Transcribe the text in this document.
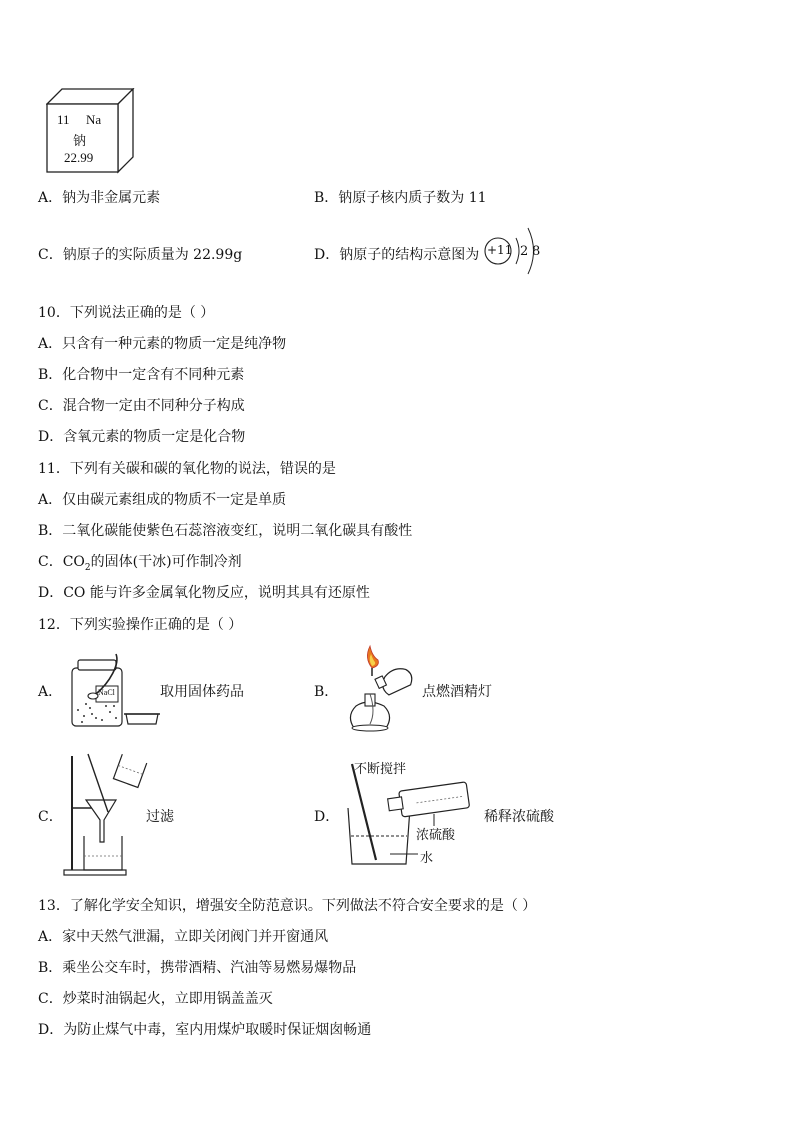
11 Na
钠
22.99
A．钠为非金属元素	B．钠原子核内质子数为 11
C．钠原子的实际质量为 22.99g	D．钠原子的结构示意图为 +11 2 8
10．下列说法正确的是（ ）
A．只含有一种元素的物质一定是纯净物
B．化合物中一定含有不同种元素
C．混合物一定由不同种分子构成
D．含氧元素的物质一定是化合物
11．下列有关碳和碳的氧化物的说法，错误的是
A．仅由碳元素组成的物质不一定是单质
B．二氧化碳能使紫色石蕊溶液变红，说明二氧化碳具有酸性
C．$CO_2$的固体(干冰)可作制冷剂
D．CO 能与许多金属氧化物反应，说明其具有还原性
12．下列实验操作正确的是（ ）
A．	NaCl	取用固体药品	B．	点燃酒精灯
C．	过滤	D．
不断搅拌
浓硫酸
水
稀释浓硫酸
13．了解化学安全知识，增强安全防范意识。下列做法不符合安全要求的是（ ）
A．家中天然气泄漏，立即关闭阀门并开窗通风
B．乘坐公交车时，携带酒精、汽油等易燃易爆物品
C．炒菜时油锅起火，立即用锅盖盖灭
D．为防止煤气中毒，室内用煤炉取暖时保证烟囱畅通
